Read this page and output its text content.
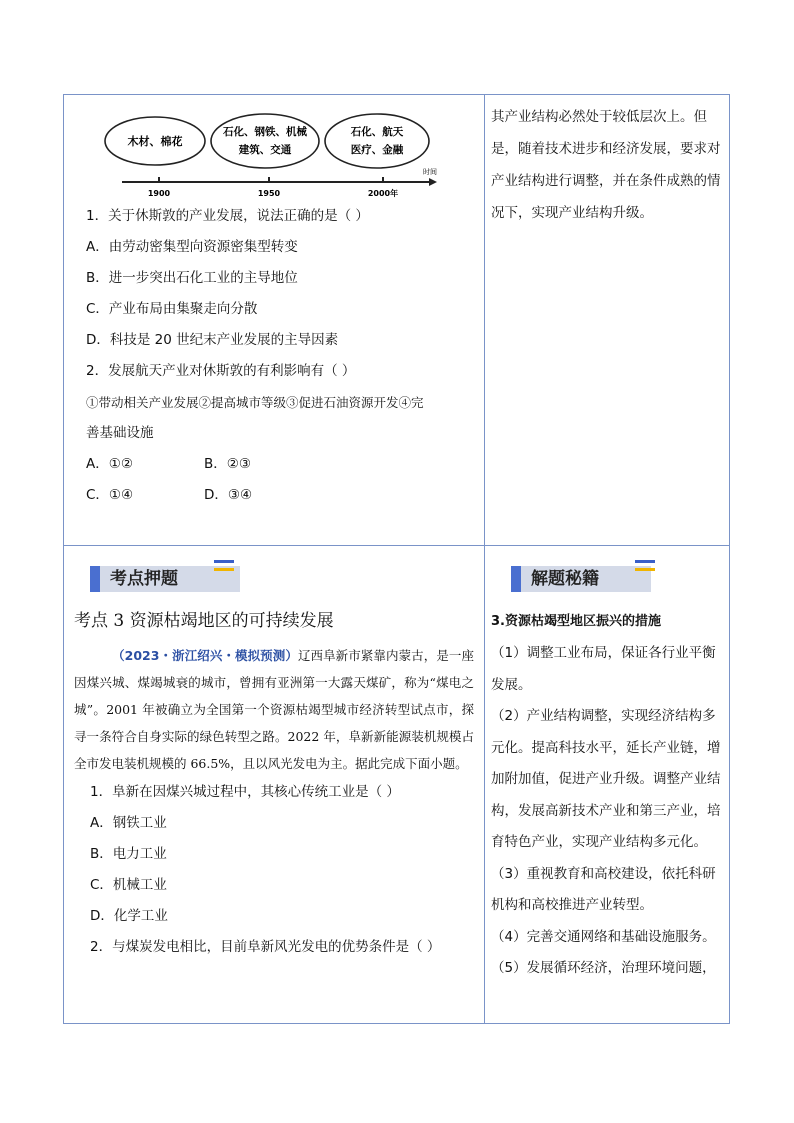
木材、棉花
石化、钢铁、机械
建筑、交通
石化、航天
医疗、金融
1900	1950	2000年
时间
1．关于休斯敦的产业发展，说法正确的是（ ）
A．由劳动密集型向资源密集型转变
B．进一步突出石化工业的主导地位
C．产业布局由集聚走向分散
D．科技是 20 世纪末产业发展的主导因素
2．发展航天产业对休斯敦的有利影响有（ ）
①带动相关产业发展②提高城市等级③促进石油资源开发④完
善基础设施
A．①②	B．②③
C．①④	D．③④
其产业结构必然处于较低层次上。但是，随着技术进步和经济发展，要求对产业结构进行调整，并在条件成熟的情况下，实现产业结构升级。
考点押题
考点 3 资源枯竭地区的可持续发展
（2023・浙江绍兴・模拟预测）辽西阜新市紧靠内蒙古，是一座因煤兴城、煤竭城衰的城市，曾拥有亚洲第一大露天煤矿，称为“煤电之城”。2001 年被确立为全国第一个资源枯竭型城市经济转型试点市，探寻一条符合自身实际的绿色转型之路。2022 年，阜新新能源装机规模占全市发电装机规模的 66.5%，且以风光发电为主。据此完成下面小题。
1．阜新在因煤兴城过程中，其核心传统工业是（ ）
A．钢铁工业
B．电力工业
C．机械工业
D．化学工业
2．与煤炭发电相比，目前阜新风光发电的优势条件是（ ）
解题秘籍
3.资源枯竭型地区振兴的措施
（1）调整工业布局，保证各行业平衡发展。
（2）产业结构调整，实现经济结构多元化。提高科技水平，延长产业链，增加附加值，促进产业升级。调整产业结构，发展高新技术产业和第三产业，培育特色产业，实现产业结构多元化。
（3）重视教育和高校建设，依托科研机构和高校推进产业转型。
（4）完善交通网络和基础设施服务。
（5）发展循环经济，治理环境问题，
